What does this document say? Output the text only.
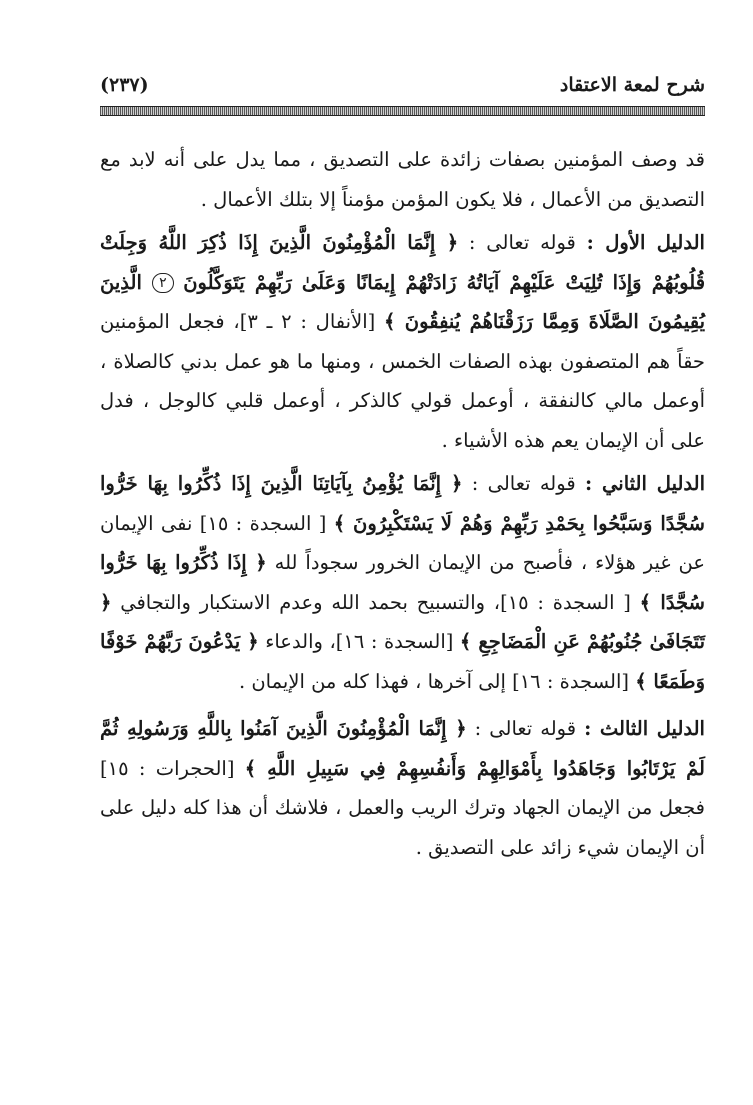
شرح لمعة الاعتقاد
(٢٣٧)

قد وصف المؤمنين بصفات زائدة على التصديق ، مما يدل على أنه لابد مع التصديق من الأعمال ، فلا يكون المؤمن مؤمناً إلا بتلك الأعمال .

الدليل الأول : قوله تعالى : ﴿ إِنَّمَا الْمُؤْمِنُونَ الَّذِينَ إِذَا ذُكِرَ اللَّهُ وَجِلَتْ قُلُوبُهُمْ وَإِذَا تُلِيَتْ عَلَيْهِمْ آيَاتُهُ زَادَتْهُمْ إِيمَانًا وَعَلَىٰ رَبِّهِمْ يَتَوَكَّلُونَ ٢ الَّذِينَ يُقِيمُونَ الصَّلَاةَ وَمِمَّا رَزَقْنَاهُمْ يُنفِقُونَ ﴾ [الأنفال : ٢ ـ ٣]، فجعل المؤمنين حقاً هم المتصفون بهذه الصفات الخمس ، ومنها ما هو عمل بدني كالصلاة ، أوعمل مالي كالنفقة ، أوعمل قولي كالذكر ، أوعمل قلبي كالوجل ، فدل على أن الإيمان يعم هذه الأشياء .

الدليل الثاني : قوله تعالى : ﴿ إِنَّمَا يُؤْمِنُ بِآيَاتِنَا الَّذِينَ إِذَا ذُكِّرُوا بِهَا خَرُّوا سُجَّدًا وَسَبَّحُوا بِحَمْدِ رَبِّهِمْ وَهُمْ لَا يَسْتَكْبِرُونَ ﴾ [ السجدة : ١٥] نفى الإيمان عن غير هؤلاء ، فأصبح من الإيمان الخرور سجوداً لله ﴿ إِذَا ذُكِّرُوا بِهَا خَرُّوا سُجَّدًا ﴾ [ السجدة : ١٥]، والتسبيح بحمد الله وعدم الاستكبار والتجافي ﴿ تَتَجَافَىٰ جُنُوبُهُمْ عَنِ الْمَضَاجِعِ ﴾ [السجدة : ١٦]، والدعاء ﴿ يَدْعُونَ رَبَّهُمْ خَوْفًا وَطَمَعًا ﴾ [السجدة : ١٦] إلى آخرها ، فهذا كله من الإيمان .

الدليل الثالث : قوله تعالى : ﴿ إِنَّمَا الْمُؤْمِنُونَ الَّذِينَ آمَنُوا بِاللَّهِ وَرَسُولِهِ ثُمَّ لَمْ يَرْتَابُوا وَجَاهَدُوا بِأَمْوَالِهِمْ وَأَنفُسِهِمْ فِي سَبِيلِ اللَّهِ ﴾ [الحجرات : ١٥] فجعل من الإيمان الجهاد وترك الريب والعمل ، فلاشك أن هذا كله دليل على أن الإيمان شيء زائد على التصديق .
